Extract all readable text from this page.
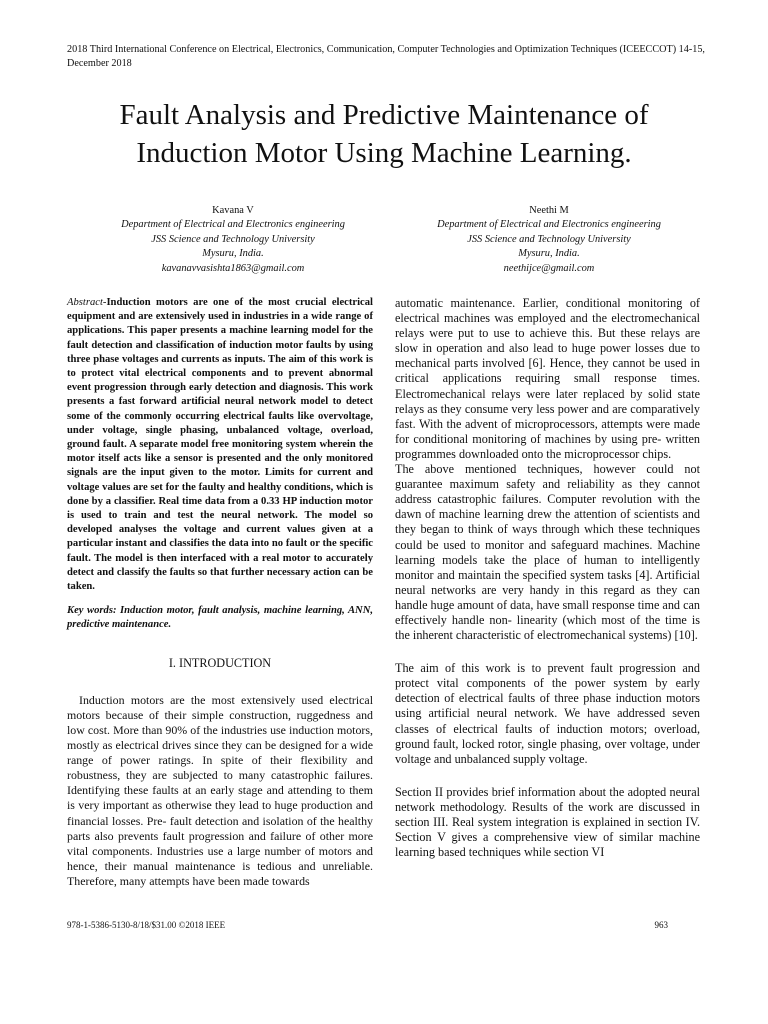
2018 Third International Conference on Electrical, Electronics, Communication, Computer Technologies and Optimization Techniques (ICEECCOT) 14-15, December 2018
Fault Analysis and Predictive Maintenance of
Induction Motor Using Machine Learning.
Kavana V
Department of Electrical and Electronics engineering
JSS Science and Technology University
Mysuru, India.
kavanavvasishta1863@gmail.com
Neethi M
Department of Electrical and Electronics engineering
JSS Science and Technology University
Mysuru, India.
neethijce@gmail.com

Abstract-Induction motors are one of the most crucial electrical equipment and are extensively used in industries in a wide range of applications. This paper presents a machine learning model for the fault detection and classification of induction motor faults by using three phase voltages and currents as inputs. The aim of this work is to protect vital electrical components and to prevent abnormal event progression through early detection and diagnosis. This work presents a fast forward artificial neural network model to detect some of the commonly occurring electrical faults like overvoltage, under voltage, single phasing, unbalanced voltage, overload, ground fault. A separate model free monitoring system wherein the motor itself acts like a sensor is presented and the only monitored signals are the input given to the motor. Limits for current and voltage values are set for the faulty and healthy conditions, which is done by a classifier. Real time data from a 0.33 HP induction motor is used to train and test the neural network. The model so developed analyses the voltage and current values given at a particular instant and classifies the data into no fault or the specific fault. The model is then interfaced with a real motor to accurately detect and classify the faults so that further necessary action can be taken.

Key words: Induction motor, fault analysis, machine learning, ANN, predictive maintenance.

I. INTRODUCTION

Induction motors are the most extensively used electrical motors because of their simple construction, ruggedness and low cost. More than 90% of the industries use induction motors, mostly as electrical drives since they can be designed for a wide range of power ratings. In spite of their flexibility and robustness, they are subjected to many catastrophic failures. Identifying these faults at an early stage and attending to them is very important as otherwise they lead to huge production and financial losses. Pre- fault detection and isolation of the healthy parts also prevents fault progression and failure of other more vital components. Industries use a large number of motors and hence, their manual maintenance is tedious and unreliable. Therefore, many attempts have been made towards

automatic maintenance. Earlier, conditional monitoring of electrical machines was employed and the electromechanical relays were put to use to achieve this. But these relays are slow in operation and also lead to huge power losses due to mechanical parts involved [6]. Hence, they cannot be used in critical applications requiring small response times. Electromechanical relays were later replaced by solid state relays as they consume very less power and are comparatively fast. With the advent of microprocessors, attempts were made for conditional monitoring of machines by using pre- written programmes downloaded onto the microprocessor chips.

The above mentioned techniques, however could not guarantee maximum safety and reliability as they cannot address catastrophic failures. Computer revolution with the dawn of machine learning drew the attention of scientists and they began to think of ways through which these techniques could be used to monitor and safeguard machines. Machine learning models take the place of human to intelligently monitor and maintain the specified system tasks [4]. Artificial neural networks are very handy in this regard as they can handle huge amount of data, have small response time and can effectively handle non- linearity (which most of the time is the inherent characteristic of electromechanical systems) [10].

The aim of this work is to prevent fault progression and protect vital components of the power system by early detection of electrical faults of three phase induction motors using artificial neural network. We have addressed seven classes of electrical faults of induction motors; overload, ground fault, locked rotor, single phasing, over voltage, under voltage and unbalanced supply voltage.

Section II provides brief information about the adopted neural network methodology. Results of the work are discussed in section III. Real system integration is explained in section IV. Section V gives a comprehensive view of similar machine learning based techniques while section VI

978-1-5386-5130-8/18/$31.00 ©2018 IEEE	963
